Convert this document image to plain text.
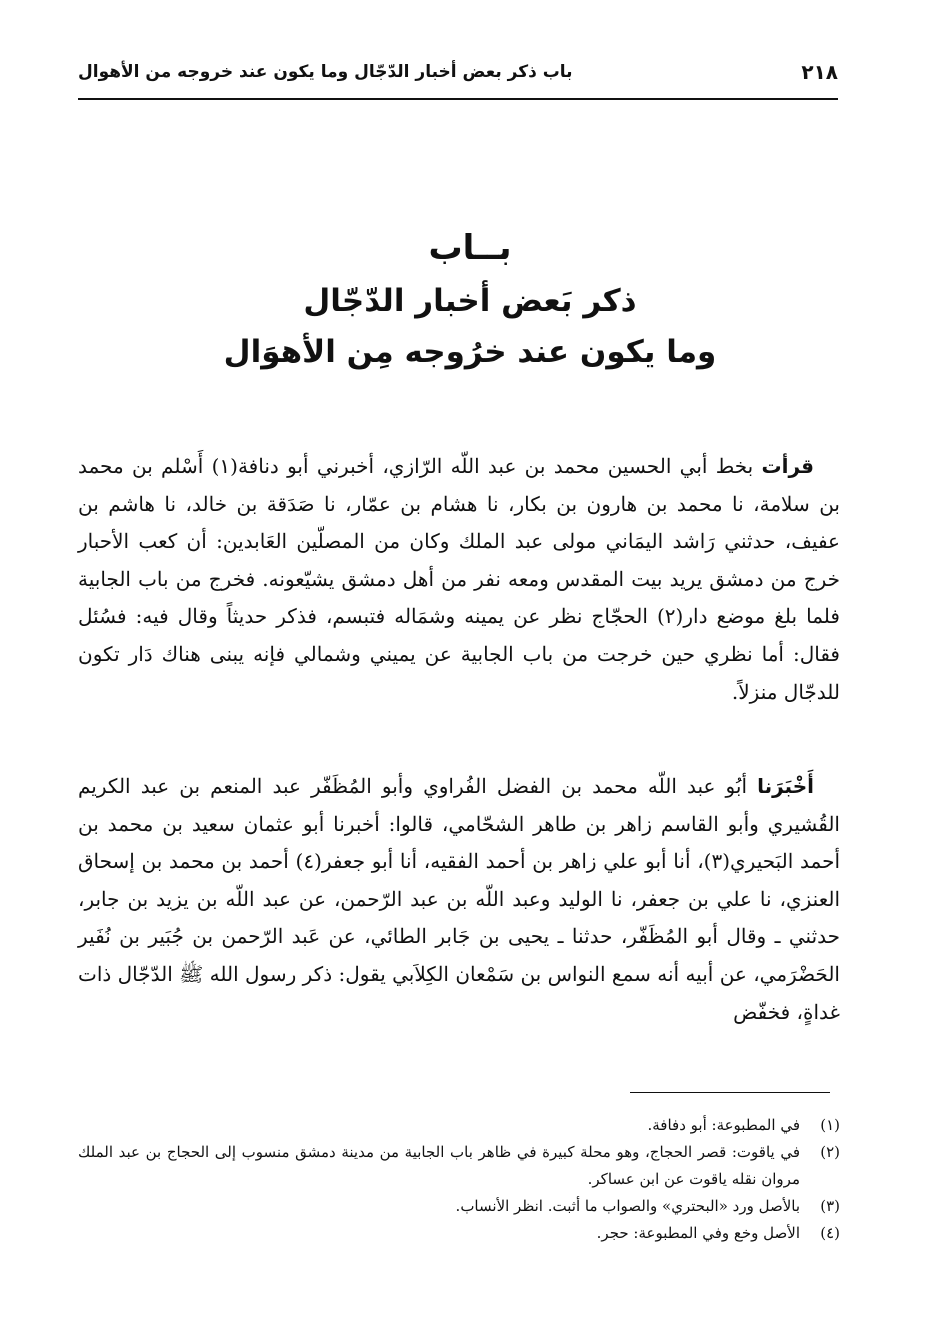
باب ذكر بعض أخبار الدّجّال وما يكون عند خروجه من الأهوال	٢١٨
بــاب
ذكر بَعض أخبار الدّجّال
وما يكون عند خرُوجه مِن الأهوَال
قرأت بخط أبي الحسين محمد بن عبد اللّه الرّازي، أخبرني أبو دنافة(١) أَسْلم بن محمد بن سلامة، نا محمد بن هارون بن بكار، نا هشام بن عمّار، نا صَدَقة بن خالد، نا هاشم بن عفيف، حدثني رَاشد اليمَاني مولى عبد الملك وكان من المصلّين العَابدين: أن كعب الأحبار خرج من دمشق يريد بيت المقدس ومعه نفر من أهل دمشق يشيّعونه. فخرج من باب الجابية فلما بلغ موضع دار(٢) الحجّاج نظر عن يمينه وشمَاله فتبسم، فذكر حديثاً وقال فيه: فسُئل فقال: أما نظري حين خرجت من باب الجابية عن يميني وشمالي فإنه يبنى هناك دَار تكون للدجّال منزلاً.
أَخْبَرَنا أبُو عبد اللّه محمد بن الفضل الفُراوي وأبو المُظَفّر عبد المنعم بن عبد الكريم القُشيري وأبو القاسم زاهر بن طاهر الشحّامي، قالوا: أخبرنا أبو عثمان سعيد بن محمد بن أحمد البَحيري(٣)، أنا أبو علي زاهر بن أحمد الفقيه، أنا أبو جعفر(٤) أحمد بن محمد بن إسحاق العنزي، نا علي بن جعفر، نا الوليد وعبد اللّه بن عبد الرّحمن، عن عبد اللّه بن يزيد بن جابر، حدثني ـ وقال أبو المُظَفّر، حدثنا ـ يحيى بن جَابر الطائي، عن عَبد الرّحمن بن جُبَير بن نُفَير الحَضْرَمي، عن أبيه أنه سمع النواس بن سَمْعان الكِلاَبي يقول: ذكر رسول الله ﷺ الدّجّال ذات غداةٍ، فخفّض
(١)
في المطبوعة: أبو دفافة.
(٢)
في ياقوت: قصر الحجاج، وهو محلة كبيرة في ظاهر باب الجابية من مدينة دمشق منسوب إلى الحجاج بن عبد الملك مروان نقله ياقوت عن ابن عساكر.
(٣)
بالأصل ورد «البحتري» والصواب ما أثبت. انظر الأنساب.
(٤)
الأصل وخع وفي المطبوعة: حجر.
